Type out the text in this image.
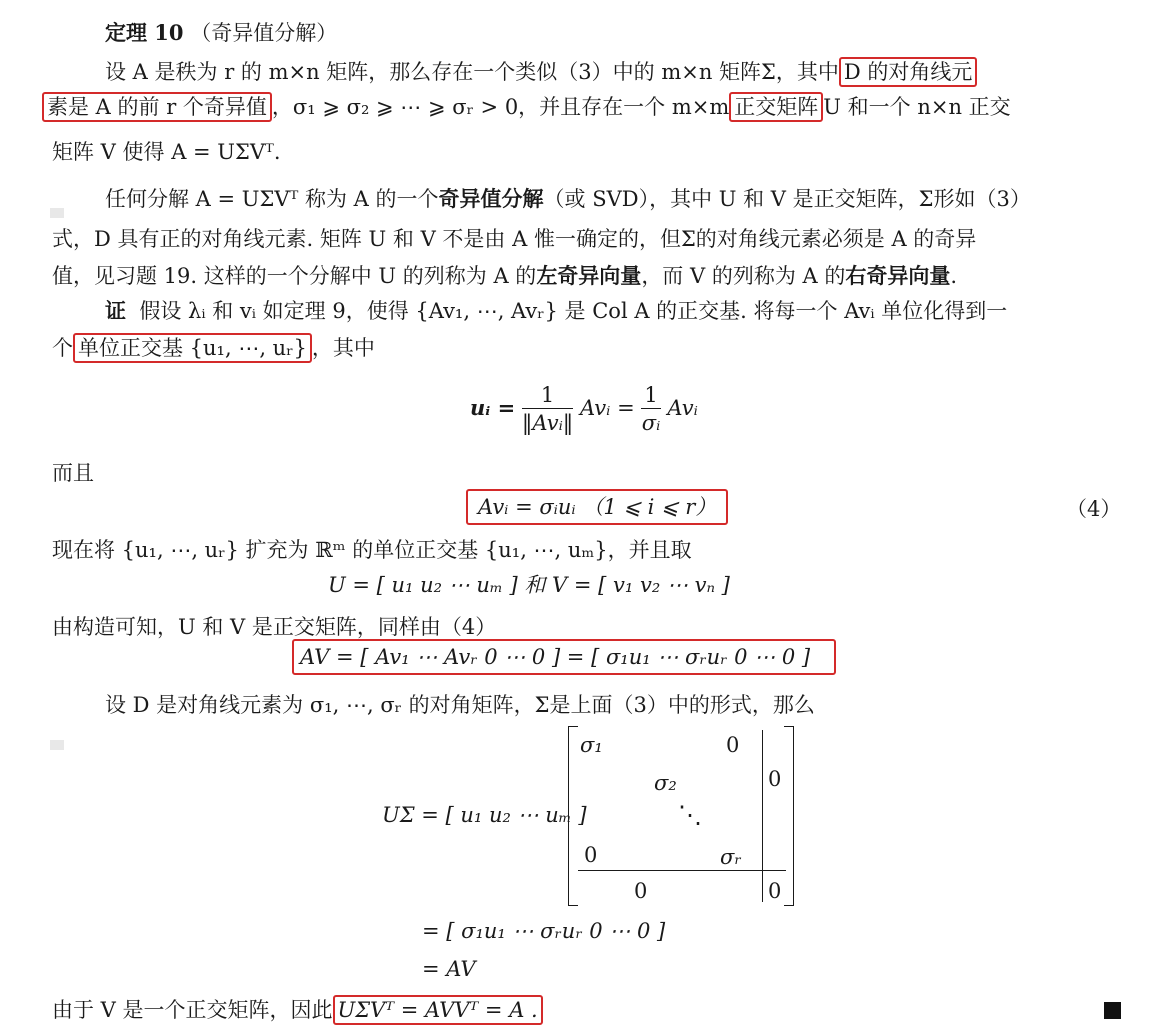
定理 10 （奇异值分解）
设 A 是秩为 r 的 m×n 矩阵，那么存在一个类似（3）中的 m×n 矩阵Σ，其中 D 的对角线元
素是 A 的前 r 个奇异值 ，σ₁ ⩾ σ₂ ⩾ ⋯ ⩾ σᵣ > 0，并且存在一个 m×m 正交矩阵 U 和一个 n×n 正交
矩阵 V 使得 A = UΣVᵀ.
任何分解 A = UΣVᵀ 称为 A 的一个奇异值分解（或 SVD），其中 U 和 V 是正交矩阵，Σ形如（3）
式，D 具有正的对角线元素. 矩阵 U 和 V 不是由 A 惟一确定的，但Σ的对角线元素必须是 A 的奇异
值，见习题 19. 这样的一个分解中 U 的列称为 A 的左奇异向量，而 V 的列称为 A 的右奇异向量.
证 假设 λᵢ 和 vᵢ 如定理 9，使得 {Av₁, ⋯, Avᵣ} 是 Col A 的正交基. 将每一个 Avᵢ 单位化得到一
个 单位正交基 {u₁, ⋯, uᵣ} ，其中
uᵢ = $\frac{1}{\text{‖Avᵢ‖}}$ Avᵢ = $\frac{1}{\text{σᵢ}}$ Avᵢ
而且
Avᵢ = σᵢuᵢ （1 ⩽ i ⩽ r）	（4）
现在将 {u₁, ⋯, uᵣ} 扩充为 ℝᵐ 的单位正交基 {u₁, ⋯, uₘ}，并且取
U = [ u₁ u₂ ⋯ uₘ ] 和 V = [ v₁ v₂ ⋯ vₙ ]
由构造可知，U 和 V 是正交矩阵，同样由（4）
AV = [ Av₁ ⋯ Avᵣ 0 ⋯ 0 ] = [ σ₁u₁ ⋯ σᵣuᵣ 0 ⋯ 0 ]
设 D 是对角线元素为 σ₁, ⋯, σᵣ 的对角矩阵，Σ是上面（3）中的形式，那么
UΣ = [ u₁ u₂ ⋯ uₘ ]
σ₁	0
σ₂	0
⋱
0	σᵣ
0	0
= [ σ₁u₁ ⋯ σᵣuᵣ 0 ⋯ 0 ]
= AV
由于 V 是一个正交矩阵，因此 UΣVᵀ = AVVᵀ = A .
